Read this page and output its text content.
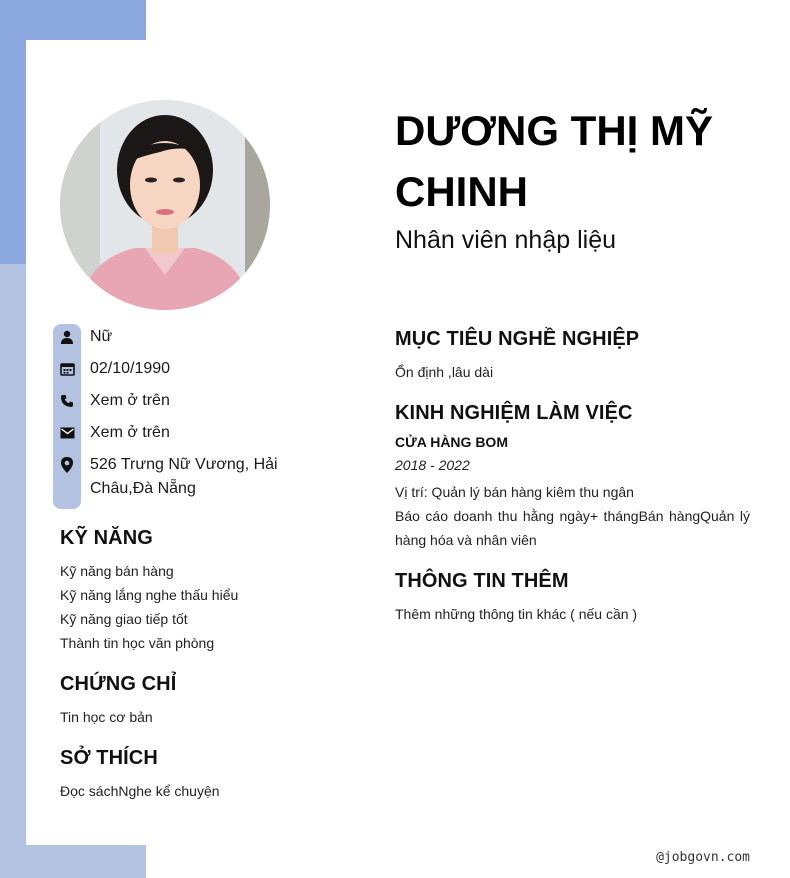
Nữ
02/10/1990
Xem ở trên
Xem ở trên
526 Trưng Nữ Vương, Hải Châu,Đà Nẵng
KỸ NĂNG
Kỹ năng bán hàng
Kỹ năng lắng nghe thấu hiểu
Kỹ năng giao tiếp tốt
Thành tin học văn phòng
CHỨNG CHỈ
Tin học cơ bản
SỞ THÍCH
Đọc sáchNghe kể chuyện
DƯƠNG THỊ MỸ CHINH
Nhân viên nhập liệu
MỤC TIÊU NGHỀ NGHIỆP
Ổn định ,lâu dài
KINH NGHIỆM LÀM VIỆC
CỬA HÀNG BOM
2018 - 2022
Vị trí: Quản lý bán hàng kiêm thu ngân
Báo cáo doanh thu hằng ngày+ thángBán hàngQuản lý hàng hóa và nhân viên
THÔNG TIN THÊM
Thêm những thông tin khác ( nếu cần )
@jobgovn.com
